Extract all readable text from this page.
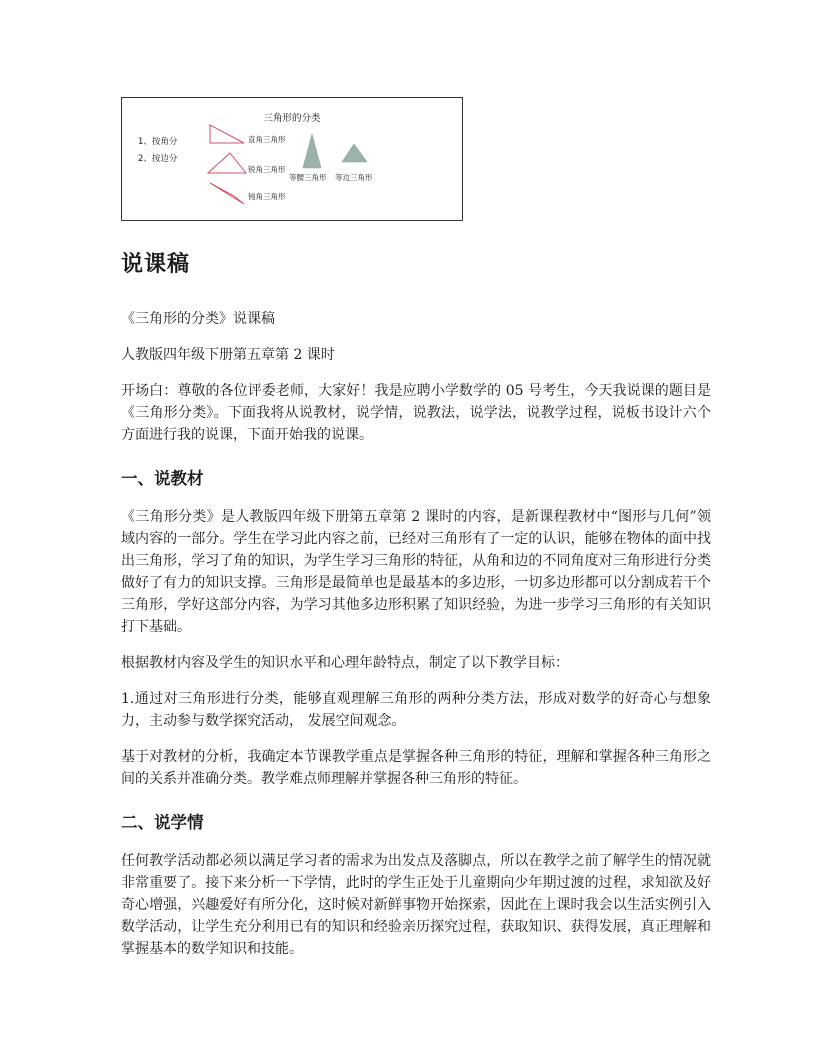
三角形的分类
1、按角分
2、按边分
直角三角形
锐角三角形
钝角三角形
等腰三角形 等边三角形
说课稿

《三角形的分类》说课稿

人教版四年级下册第五章第 2 课时

开场白：尊敬的各位评委老师，大家好！我是应聘小学数学的 05 号考生，今天我说课的题目是《三角形分类》。下面我将从说教材，说学情，说教法，说学法，说教学过程，说板书设计六个方面进行我的说课，下面开始我的说课。

一、说教材

《三角形分类》是人教版四年级下册第五章第 2 课时的内容，是新课程教材中“图形与几何”领域内容的一部分。学生在学习此内容之前，已经对三角形有了一定的认识，能够在物体的面中找出三角形，学习了角的知识，为学生学习三角形的特征，从角和边的不同角度对三角形进行分类做好了有力的知识支撑。三角形是最简单也是最基本的多边形，一切多边形都可以分割成若干个三角形，学好这部分内容，为学习其他多边形积累了知识经验，为进一步学习三角形的有关知识打下基础。

根据教材内容及学生的知识水平和心理年龄特点，制定了以下教学目标：

1.通过对三角形进行分类，能够直观理解三角形的两种分类方法，形成对数学的好奇心与想象力，主动参与数学探究活动， 发展空间观念。

基于对教材的分析，我确定本节课教学重点是掌握各种三角形的特征，理解和掌握各种三角形之间的关系并准确分类。教学难点师理解并掌握各种三角形的特征。

二、说学情

任何教学活动都必须以满足学习者的需求为出发点及落脚点，所以在教学之前了解学生的情况就非常重要了。接下来分析一下学情，此时的学生正处于儿童期向少年期过渡的过程，求知欲及好奇心增强，兴趣爱好有所分化，这时候对新鲜事物开始探索，因此在上课时我会以生活实例引入数学活动，让学生充分利用已有的知识和经验亲历探究过程，获取知识、获得发展，真正理解和掌握基本的数学知识和技能。
